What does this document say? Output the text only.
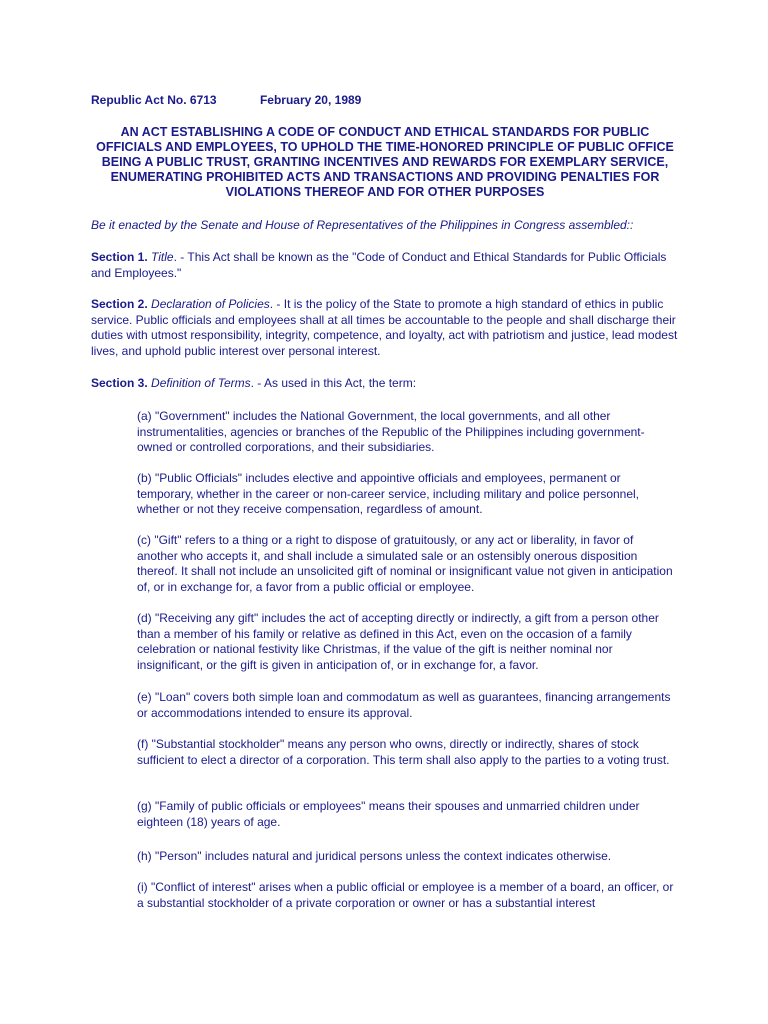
Republic Act No. 6713	February 20, 1989
AN ACT ESTABLISHING A CODE OF CONDUCT AND ETHICAL STANDARDS FOR PUBLIC OFFICIALS AND EMPLOYEES, TO UPHOLD THE TIME-HONORED PRINCIPLE OF PUBLIC OFFICE BEING A PUBLIC TRUST, GRANTING INCENTIVES AND REWARDS FOR EXEMPLARY SERVICE, ENUMERATING PROHIBITED ACTS AND TRANSACTIONS AND PROVIDING PENALTIES FOR VIOLATIONS THEREOF AND FOR OTHER PURPOSES
Be it enacted by the Senate and House of Representatives of the Philippines in Congress assembled::
Section 1. Title. - This Act shall be known as the "Code of Conduct and Ethical Standards for Public Officials and Employees."
Section 2. Declaration of Policies. - It is the policy of the State to promote a high standard of ethics in public service. Public officials and employees shall at all times be accountable to the people and shall discharge their duties with utmost responsibility, integrity, competence, and loyalty, act with patriotism and justice, lead modest lives, and uphold public interest over personal interest.
Section 3. Definition of Terms. - As used in this Act, the term:
(a) "Government" includes the National Government, the local governments, and all other instrumentalities, agencies or branches of the Republic of the Philippines including government-owned or controlled corporations, and their subsidiaries.
(b) "Public Officials" includes elective and appointive officials and employees, permanent or temporary, whether in the career or non-career service, including military and police personnel, whether or not they receive compensation, regardless of amount.
(c) "Gift" refers to a thing or a right to dispose of gratuitously, or any act or liberality, in favor of another who accepts it, and shall include a simulated sale or an ostensibly onerous disposition thereof. It shall not include an unsolicited gift of nominal or insignificant value not given in anticipation of, or in exchange for, a favor from a public official or employee.
(d) "Receiving any gift" includes the act of accepting directly or indirectly, a gift from a person other than a member of his family or relative as defined in this Act, even on the occasion of a family celebration or national festivity like Christmas, if the value of the gift is neither nominal nor insignificant, or the gift is given in anticipation of, or in exchange for, a favor.
(e) "Loan" covers both simple loan and commodatum as well as guarantees, financing arrangements or accommodations intended to ensure its approval.
(f) "Substantial stockholder" means any person who owns, directly or indirectly, shares of stock sufficient to elect a director of a corporation. This term shall also apply to the parties to a voting trust.
(g) "Family of public officials or employees" means their spouses and unmarried children under eighteen (18) years of age.
(h) "Person" includes natural and juridical persons unless the context indicates otherwise.
(i) "Conflict of interest" arises when a public official or employee is a member of a board, an officer, or a substantial stockholder of a private corporation or owner or has a substantial interest
